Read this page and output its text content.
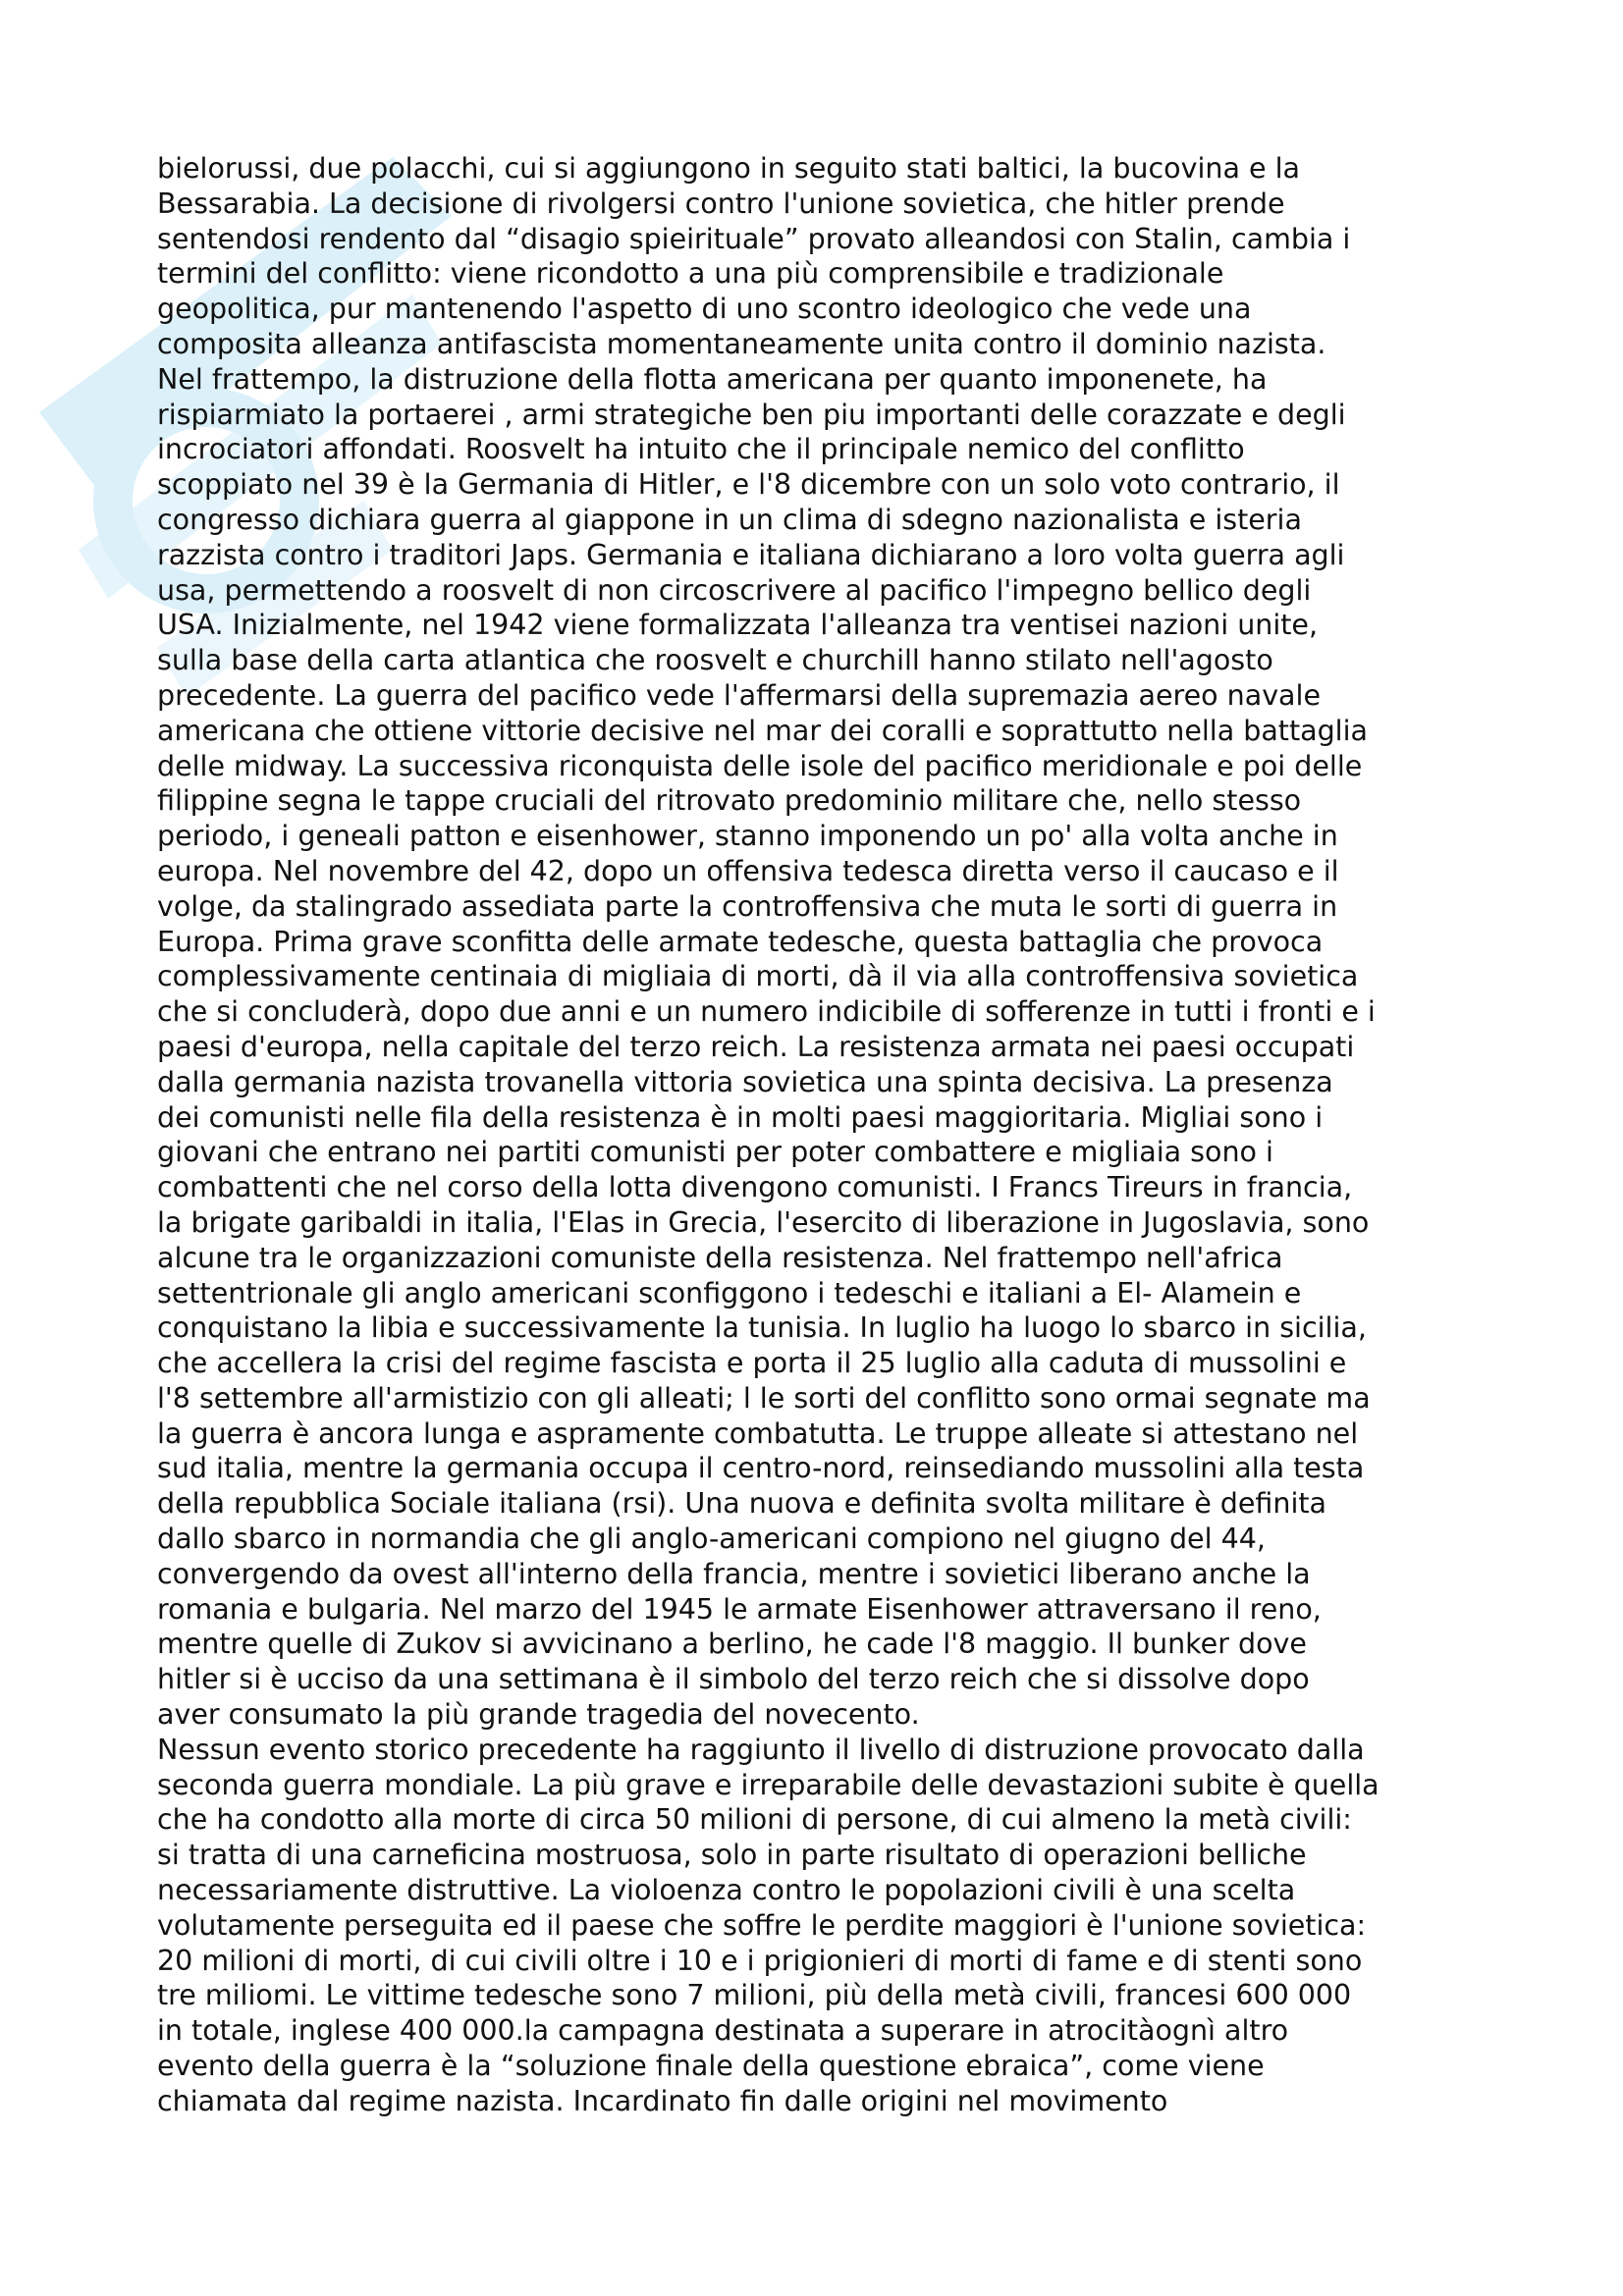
bielorussi, due polacchi, cui si aggiungono in seguito stati baltici, la bucovina e la
Bessarabia. La decisione di rivolgersi contro l'unione sovietica, che hitler prende
sentendosi rendento dal “disagio spieirituale” provato alleandosi con Stalin, cambia i
termini del conflitto: viene ricondotto a una più comprensibile e tradizionale
geopolitica, pur mantenendo l'aspetto di uno scontro ideologico che vede una
composita alleanza antifascista momentaneamente unita contro il dominio nazista.
Nel frattempo, la distruzione della flotta americana per quanto imponenete, ha
rispiarmiato la portaerei , armi strategiche ben piu importanti delle corazzate e degli
incrociatori affondati. Roosvelt ha intuito che il principale nemico del conflitto
scoppiato nel 39 è la Germania di Hitler, e l'8 dicembre con un solo voto contrario, il
congresso dichiara guerra al giappone in un clima di sdegno nazionalista e isteria
razzista contro i traditori Japs. Germania e italiana dichiarano a loro volta guerra agli
usa, permettendo a roosvelt di non circoscrivere al pacifico l'impegno bellico degli
USA. Inizialmente, nel 1942 viene formalizzata l'alleanza tra ventisei nazioni unite,
sulla base della carta atlantica che roosvelt e churchill hanno stilato nell'agosto
precedente. La guerra del pacifico vede l'affermarsi della supremazia aereo navale
americana che ottiene vittorie decisive nel mar dei coralli e soprattutto nella battaglia
delle midway. La successiva riconquista delle isole del pacifico meridionale e poi delle
filippine segna le tappe cruciali del ritrovato predominio militare che, nello stesso
periodo, i geneali patton e eisenhower, stanno imponendo un po' alla volta anche in
europa. Nel novembre del 42, dopo un offensiva tedesca diretta verso il caucaso e il
volge, da stalingrado assediata parte la controffensiva che muta le sorti di guerra in
Europa. Prima grave sconfitta delle armate tedesche, questa battaglia che provoca
complessivamente centinaia di migliaia di morti, dà il via alla controffensiva sovietica
che si concluderà, dopo due anni e un numero indicibile di sofferenze in tutti i fronti e i
paesi d'europa, nella capitale del terzo reich. La resistenza armata nei paesi occupati
dalla germania nazista trovanella vittoria sovietica una spinta decisiva. La presenza
dei comunisti nelle fila della resistenza è in molti paesi maggioritaria. Migliai sono i
giovani che entrano nei partiti comunisti per poter combattere e migliaia sono i
combattenti che nel corso della lotta divengono comunisti. I Francs Tireurs in francia,
la brigate garibaldi in italia, l'Elas in Grecia, l'esercito di liberazione in Jugoslavia, sono
alcune tra le organizzazioni comuniste della resistenza. Nel frattempo nell'africa
settentrionale gli anglo americani sconfiggono i tedeschi e italiani a El- Alamein e
conquistano la libia e successivamente la tunisia. In luglio ha luogo lo sbarco in sicilia,
che accellera la crisi del regime fascista e porta il 25 luglio alla caduta di mussolini e
l'8 settembre all'armistizio con gli alleati; l le sorti del conflitto sono ormai segnate ma
la guerra è ancora lunga e aspramente combatutta. Le truppe alleate si attestano nel
sud italia, mentre la germania occupa il centro-nord, reinsediando mussolini alla testa
della repubblica Sociale italiana (rsi). Una nuova e definita svolta militare è definita
dallo sbarco in normandia che gli anglo-americani compiono nel giugno del 44,
convergendo da ovest all'interno della francia, mentre i sovietici liberano anche la
romania e bulgaria. Nel marzo del 1945 le armate Eisenhower attraversano il reno,
mentre quelle di Zukov si avvicinano a berlino, he cade l'8 maggio. Il bunker dove
hitler si è ucciso da una settimana è il simbolo del terzo reich che si dissolve dopo
aver consumato la più grande tragedia del novecento.
Nessun evento storico precedente ha raggiunto il livello di distruzione provocato dalla
seconda guerra mondiale. La più grave e irreparabile delle devastazioni subite è quella
che ha condotto alla morte di circa 50 milioni di persone, di cui almeno la metà civili:
si tratta di una carneficina mostruosa, solo in parte risultato di operazioni belliche
necessariamente distruttive. La violoenza contro le popolazioni civili è una scelta
volutamente perseguita ed il paese che soffre le perdite maggiori è l'unione sovietica:
20 milioni di morti, di cui civili oltre i 10 e i prigionieri di morti di fame e di stenti sono
tre miliomi. Le vittime tedesche sono 7 milioni, più della metà civili, francesi 600 000
in totale, inglese 400 000.la campagna destinata a superare in atrocitàognì altro
evento della guerra è la “soluzione finale della questione ebraica”, come viene
chiamata dal regime nazista. Incardinato fin dalle origini nel movimento
